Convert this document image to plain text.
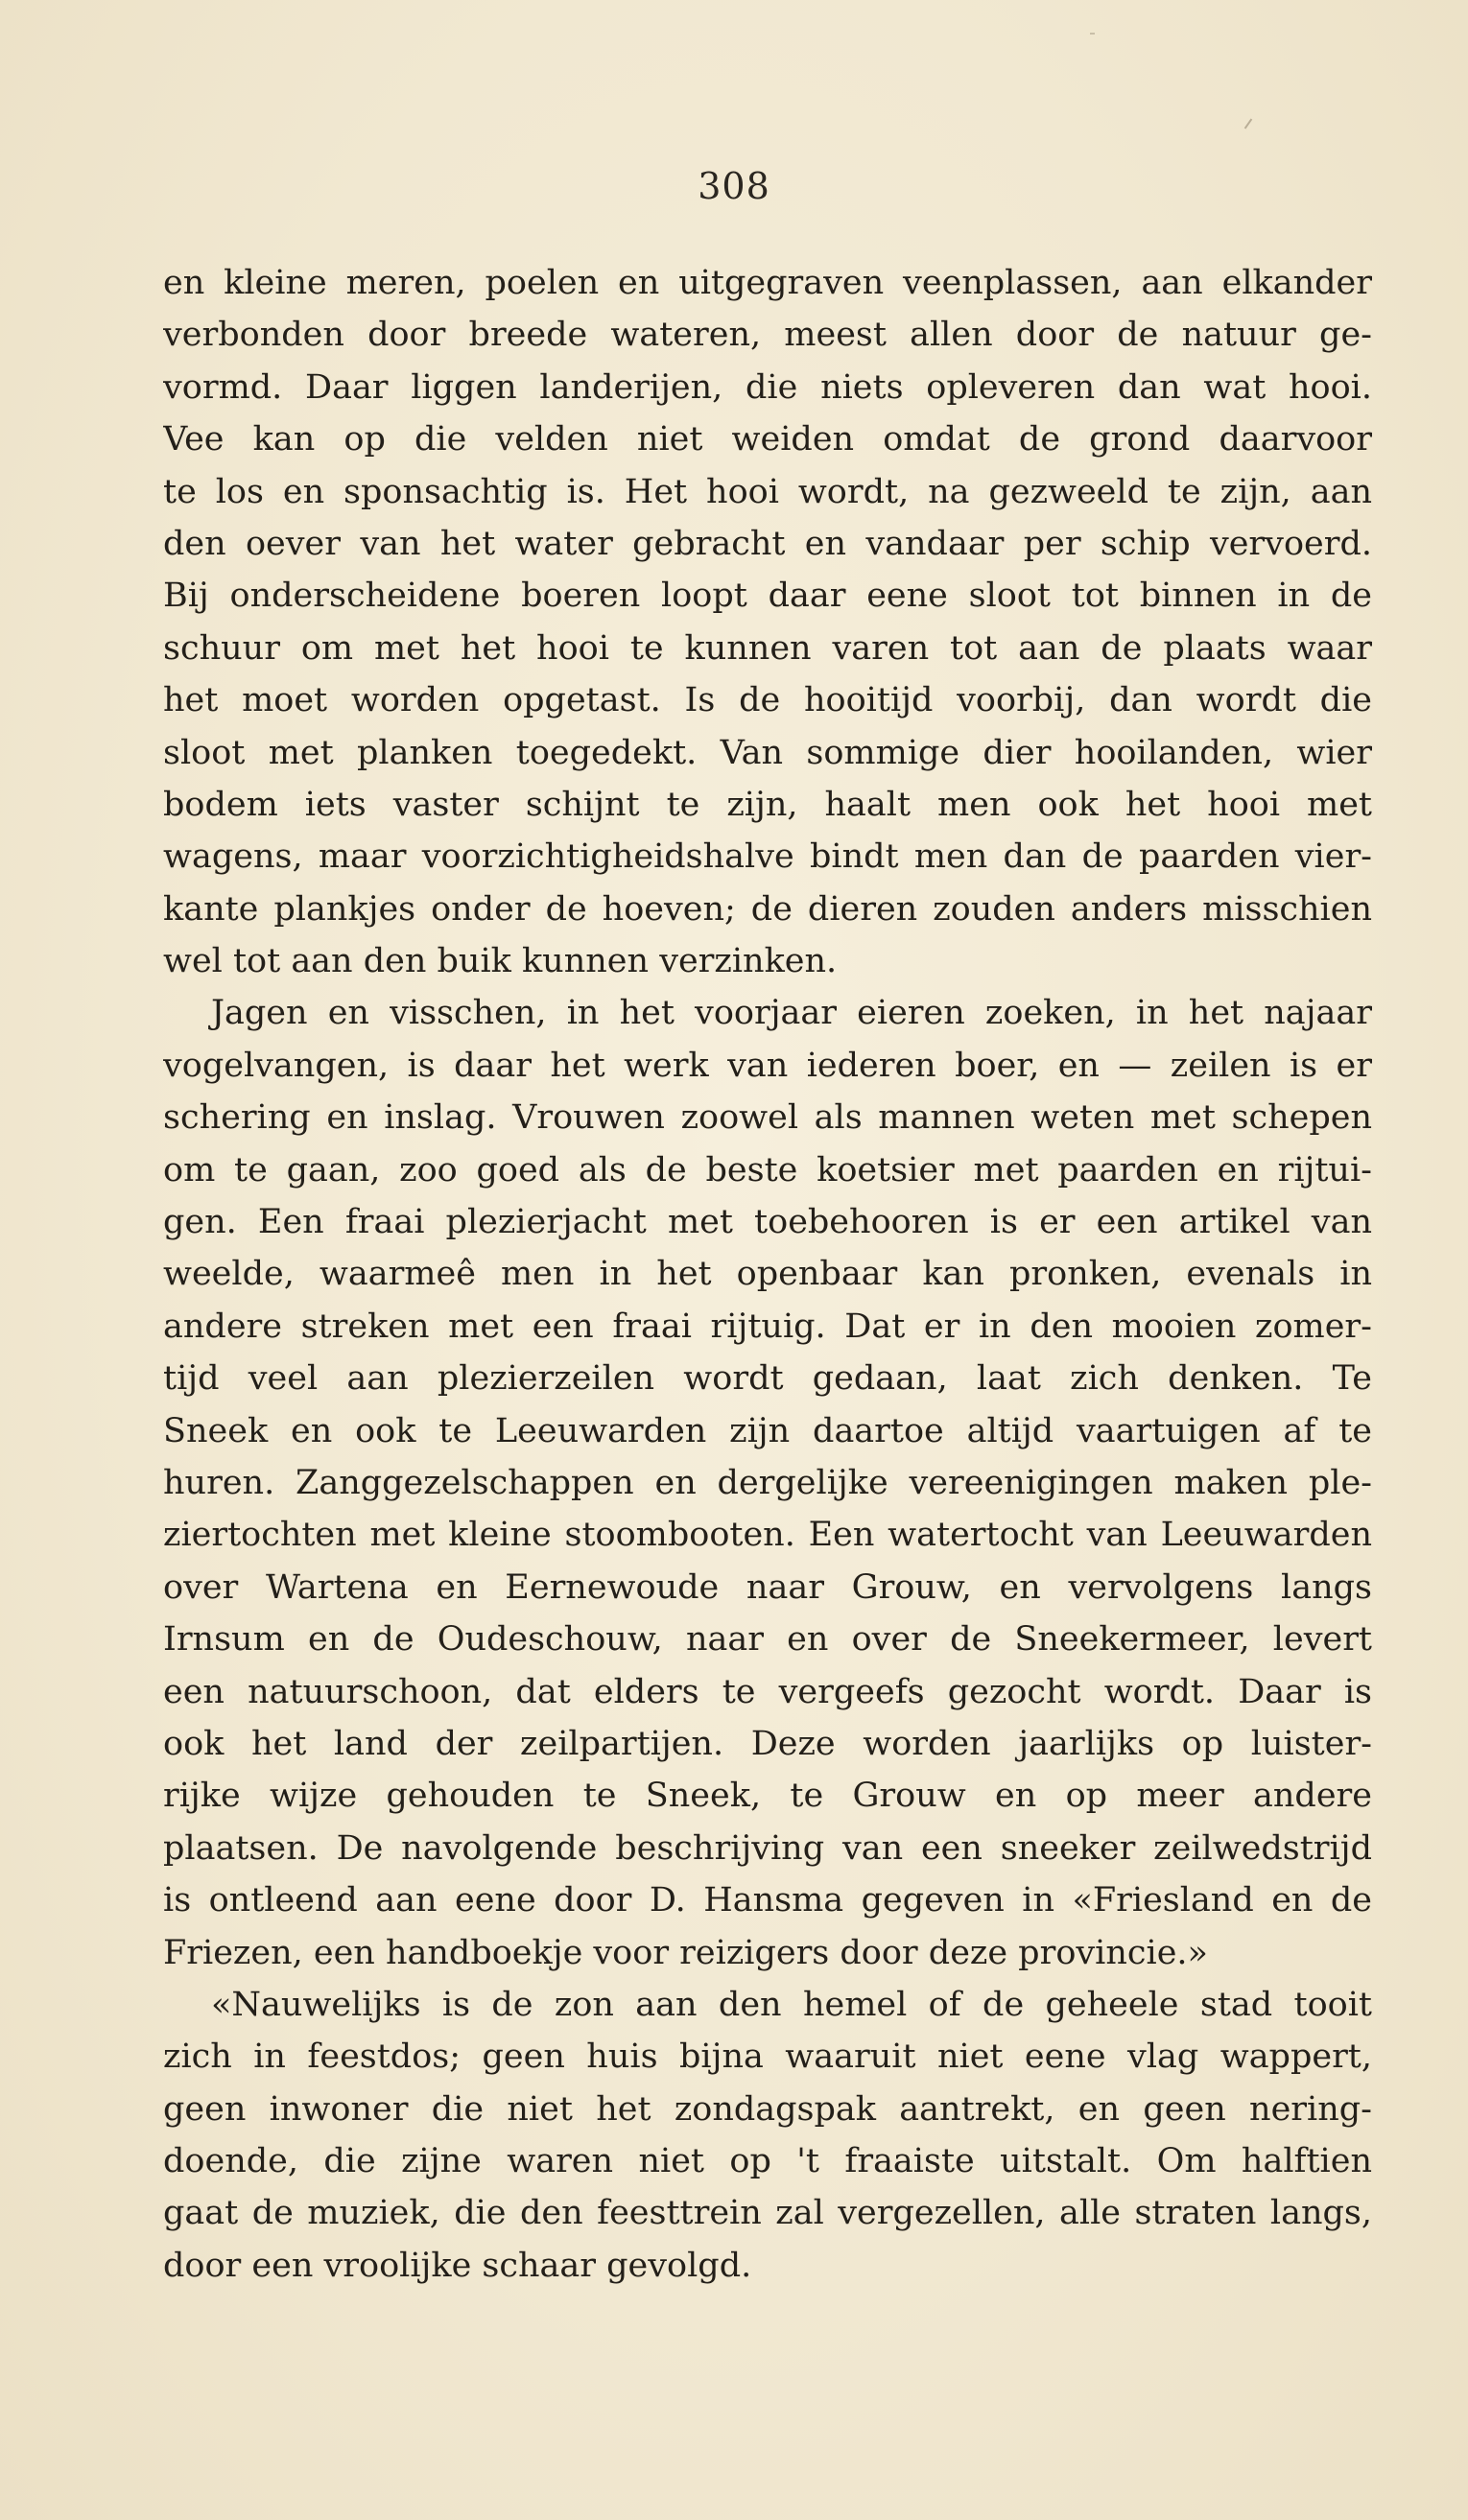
308
en kleine meren, poelen en uitgegraven veenplassen, aan elkander
verbonden door breede wateren, meest allen door de natuur ge-
vormd. Daar liggen landerijen, die niets opleveren dan wat hooi.
Vee kan op die velden niet weiden omdat de grond daarvoor
te los en sponsachtig is. Het hooi wordt, na gezweeld te zijn, aan
den oever van het water gebracht en vandaar per schip vervoerd.
Bij onderscheidene boeren loopt daar eene sloot tot binnen in de
schuur om met het hooi te kunnen varen tot aan de plaats waar
het moet worden opgetast. Is de hooitijd voorbij, dan wordt die
sloot met planken toegedekt. Van sommige dier hooilanden, wier
bodem iets vaster schijnt te zijn, haalt men ook het hooi met
wagens, maar voorzichtigheidshalve bindt men dan de paarden vier-
kante plankjes onder de hoeven; de dieren zouden anders misschien
wel tot aan den buik kunnen verzinken.
Jagen en visschen, in het voorjaar eieren zoeken, in het najaar
vogelvangen, is daar het werk van iederen boer, en — zeilen is er
schering en inslag. Vrouwen zoowel als mannen weten met schepen
om te gaan, zoo goed als de beste koetsier met paarden en rijtui-
gen. Een fraai plezierjacht met toebehooren is er een artikel van
weelde, waarmeê men in het openbaar kan pronken, evenals in
andere streken met een fraai rijtuig. Dat er in den mooien zomer-
tijd veel aan plezierzeilen wordt gedaan, laat zich denken. Te
Sneek en ook te Leeuwarden zijn daartoe altijd vaartuigen af te
huren. Zanggezelschappen en dergelijke vereenigingen maken ple-
ziertochten met kleine stoombooten. Een watertocht van Leeuwarden
over Wartena en Eernewoude naar Grouw, en vervolgens langs
Irnsum en de Oudeschouw, naar en over de Sneekermeer, levert
een natuurschoon, dat elders te vergeefs gezocht wordt. Daar is
ook het land der zeilpartijen. Deze worden jaarlijks op luister-
rijke wijze gehouden te Sneek, te Grouw en op meer andere
plaatsen. De navolgende beschrijving van een sneeker zeilwedstrijd
is ontleend aan eene door D. Hansma gegeven in «Friesland en de
Friezen, een handboekje voor reizigers door deze provincie.»
«Nauwelijks is de zon aan den hemel of de geheele stad tooit
zich in feestdos; geen huis bijna waaruit niet eene vlag wappert,
geen inwoner die niet het zondagspak aantrekt, en geen nering-
doende, die zijne waren niet op 't fraaiste uitstalt. Om halftien
gaat de muziek, die den feesttrein zal vergezellen, alle straten langs,
door een vroolijke schaar gevolgd.
